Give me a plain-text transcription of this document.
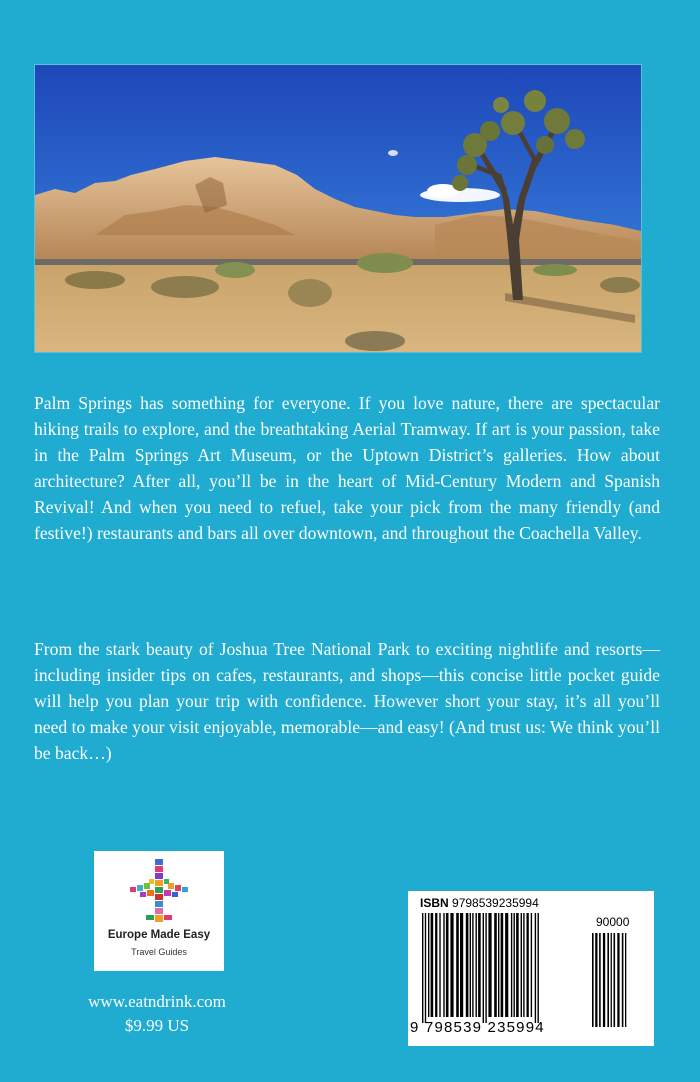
Palm Springs has something for everyone. If you love nature, there are spectacular hiking trails to explore, and the breathtaking Aerial Tramway. If art is your passion, take in the Palm Springs Art Museum, or the Uptown District’s galleries. How about architecture? After all, you’ll be in the heart of Mid-Century Modern and Spanish Revival! And when you need to refuel, take your pick from the many friendly (and festive!) restaurants and bars all over downtown, and throughout the Coachella Valley.

From the stark beauty of Joshua Tree National Park to exciting nightlife and resorts—including insider tips on cafes, restaurants, and shops—this concise little pocket guide will help you plan your trip with confidence. However short your stay, it’s all you’ll need to make your visit enjoyable, memorable—and easy! (And trust us: We think you’ll be back…)

Europe Made Easy
Travel Guides
www.eatndrink.com
$9.99 US
ISBN 9798539235994
90000
9 798539 235994
